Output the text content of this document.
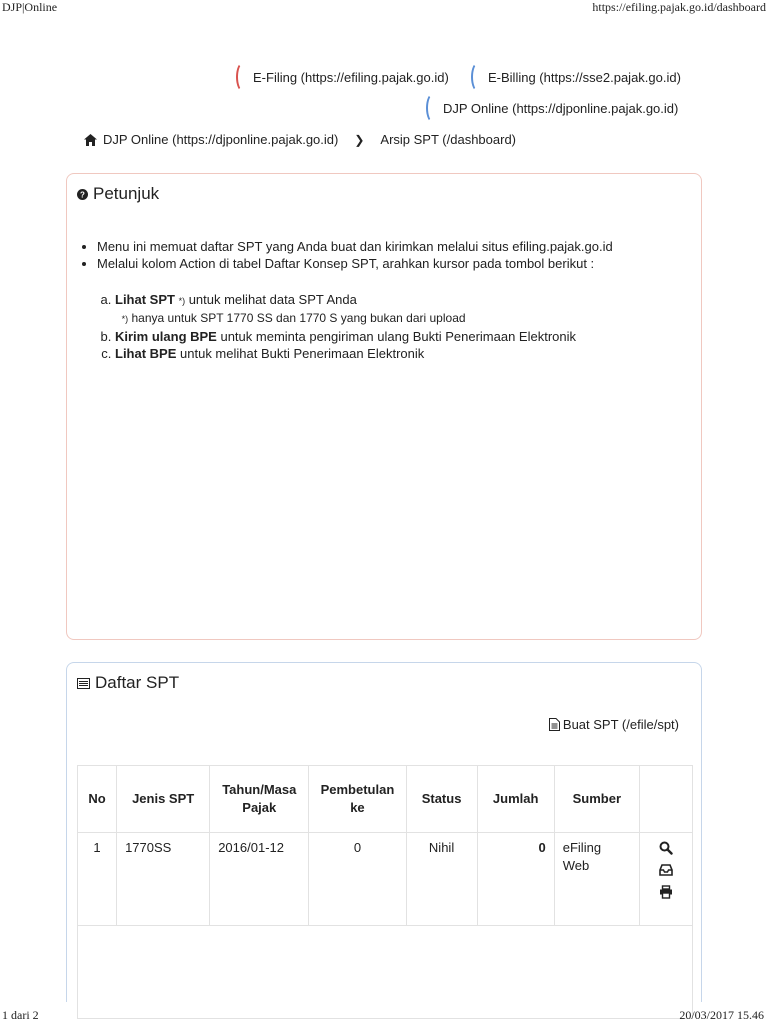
DJP|Online	https://efiling.pajak.go.id/dashboard
E-Filing (https://efiling.pajak.go.id)	E-Billing (https://sse2.pajak.go.id)
DJP Online (https://djponline.pajak.go.id)
DJP Online (https://djponline.pajak.go.id) ❯ Arsip SPT (/dashboard)
? Petunjuk
• Menu ini memuat daftar SPT yang Anda buat dan kirimkan melalui situs efiling.pajak.go.id
• Melalui kolom Action di tabel Daftar Konsep SPT, arahkan kursor pada tombol berikut :
a. Lihat SPT *) untuk melihat data SPT Anda
*) hanya untuk SPT 1770 SS dan 1770 S yang bukan dari upload
b. Kirim ulang BPE untuk meminta pengiriman ulang Bukti Penerimaan Elektronik
c. Lihat BPE untuk melihat Bukti Penerimaan Elektronik
Daftar SPT
Buat SPT (/efile/spt)
No	Jenis SPT	Tahun/Masa Pajak	Pembetulan ke	Status	Jumlah	Sumber	
1	1770SS	2016/01-12	0	Nihil	0	eFiling Web	

1 dari 2	20/03/2017 15.46
